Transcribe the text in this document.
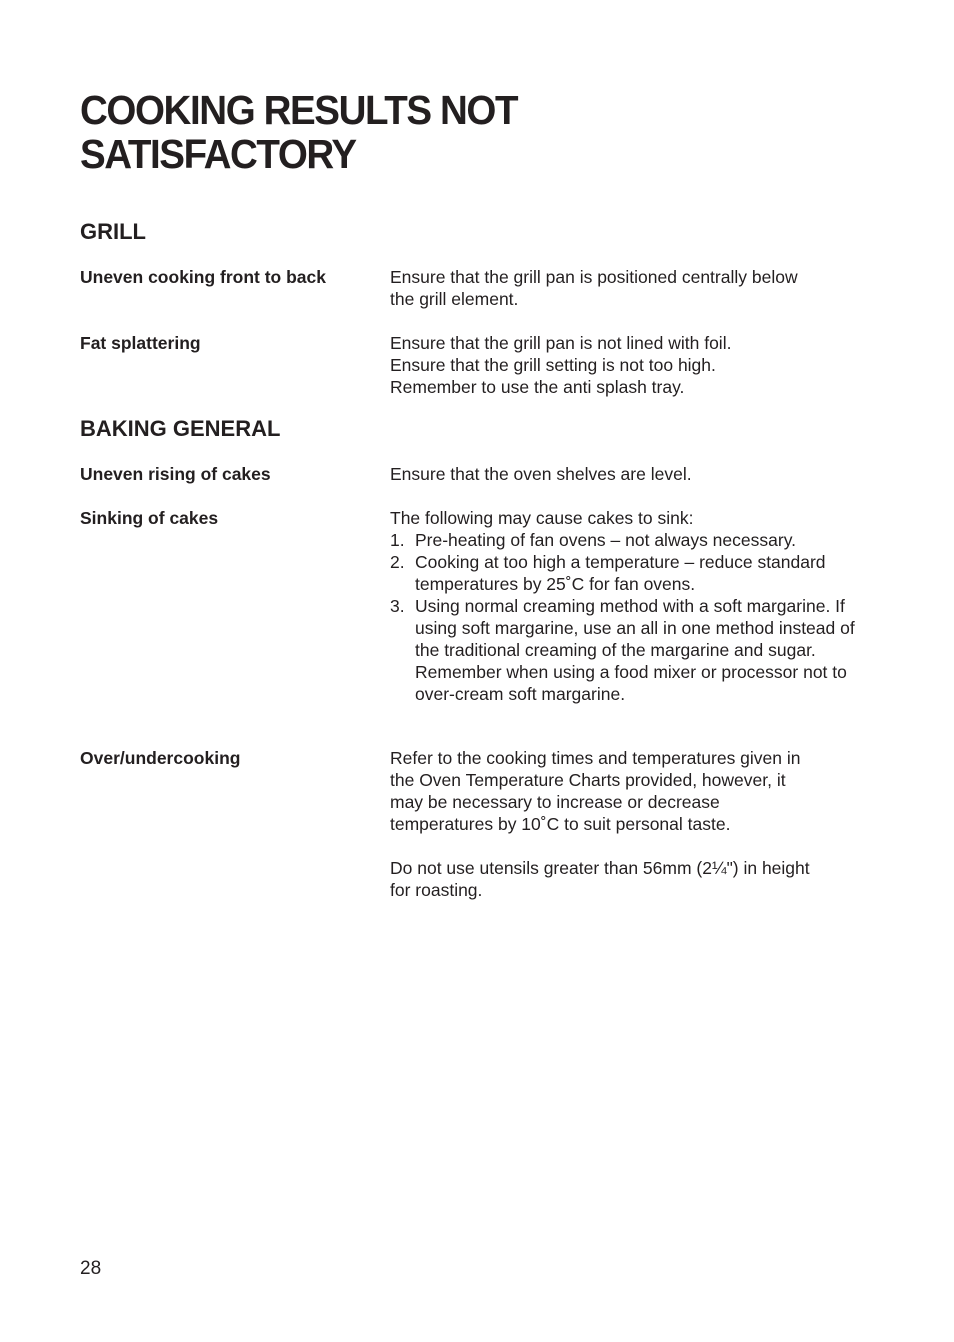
COOKING RESULTS NOT
SATISFACTORY
GRILL
Uneven cooking front to back	Ensure that the grill pan is positioned centrally below
the grill element.
Fat splattering	Ensure that the grill pan is not lined with foil.
Ensure that the grill setting is not too high.
Remember to use the anti splash tray.
BAKING GENERAL
Uneven rising of cakes	Ensure that the oven shelves are level.
Sinking of cakes	The following may cause cakes to sink:
1. Pre-heating of fan ovens – not always necessary.
2. Cooking at too high a temperature – reduce standard temperatures by 25˚C for fan ovens.
3. Using normal creaming method with a soft margarine. If using soft margarine, use an all in one method instead of the traditional creaming of the margarine and sugar. Remember when using a food mixer or processor not to over-cream soft margarine.
Over/undercooking	Refer to the cooking times and temperatures given in
the Oven Temperature Charts provided, however, it
may be necessary to increase or decrease
temperatures by 10˚C to suit personal taste.
Do not use utensils greater than 56mm (2¼") in height
for roasting.
28
